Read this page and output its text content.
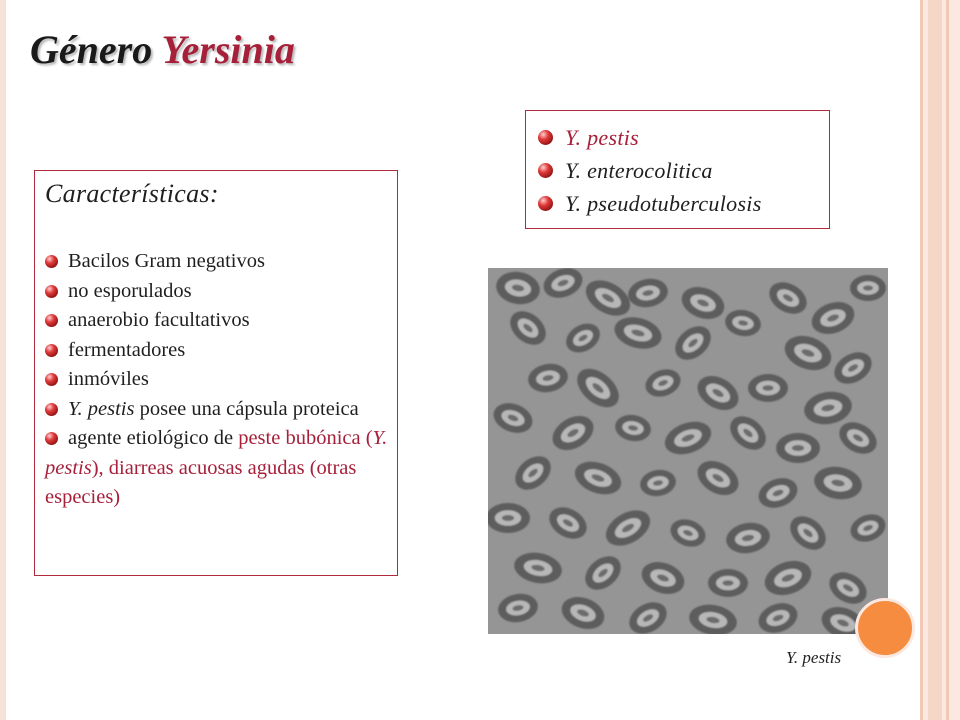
Género Yersinia
Y. pestis
Y. enterocolitica
Y. pseudotuberculosis
Características:
Bacilos Gram negativos
no esporulados
anaerobio facultativos
fermentadores
inmóviles
Y. pestis posee una cápsula proteica
agente etiológico de peste bubónica (Y. pestis), diarreas acuosas agudas (otras especies)
Y. pestis
